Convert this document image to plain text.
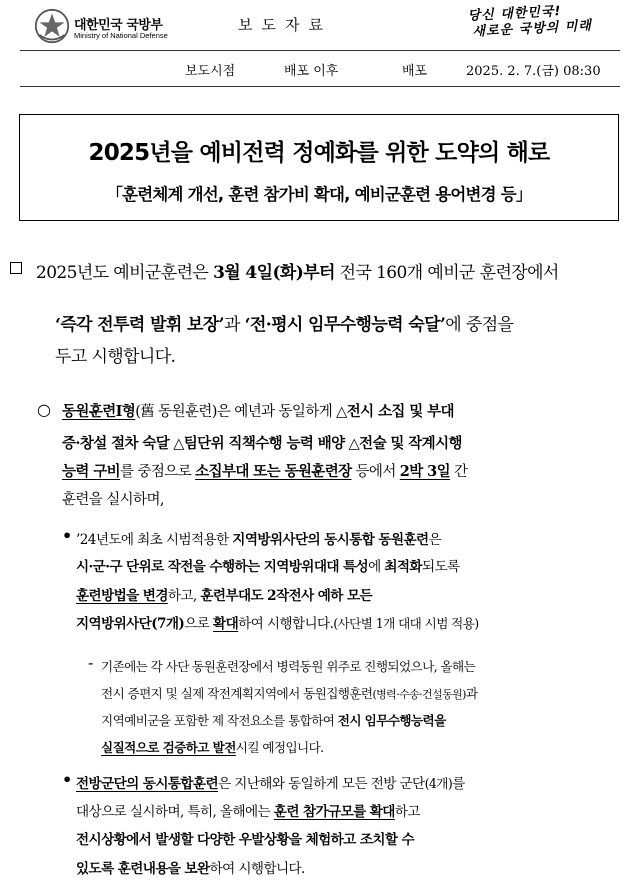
대한민국 국방부
Ministry of National Defense
보도자료
당신 대한민국!
새로운 국방의 미래
보도시점	배포 이후	배포	2025. 2. 7.(금) 08:30
2025년을 예비전력 정예화를 위한 도약의 해로
「훈련체계 개선, 훈련 참가비 확대, 예비군훈련 용어변경 등」
2025년도 예비군훈련은 3월 4일(화)부터 전국 160개 예비군 훈련장에서
‘즉각 전투력 발휘 보장’과 ‘전·평시 임무수행능력 숙달’에 중점을
두고 시행합니다.
○ 동원훈련Ⅰ형(舊 동원훈련)은 예년과 동일하게 △전시 소집 및 부대
증·창설 절차 숙달 △팀단위 직책수행 능력 배양 △전술 및 작계시행
능력 구비를 중점으로 소집부대 또는 동원훈련장 등에서 2박 3일 간
훈련을 실시하며,
• ’24년도에 최초 시범적용한 지역방위사단의 동시통합 동원훈련은
시·군·구 단위로 작전을 수행하는 지역방위대대 특성에 최적화되도록
훈련방법을 변경하고, 훈련부대도 2작전사 예하 모든
지역방위사단(7개)으로 확대하여 시행합니다.(사단별 1개 대대 시범 적용)
- 기존에는 각 사단 동원훈련장에서 병력동원 위주로 진행되었으나, 올해는
전시 증편지 및 실제 작전계획지역에서 동원집행훈련(병력·수송·건설동원)과
지역예비군을 포함한 제 작전요소를 통합하여 전시 임무수행능력을
실질적으로 검증하고 발전시킬 예정입니다.
• 전방군단의 동시통합훈련은 지난해와 동일하게 모든 전방 군단(4개)를
대상으로 실시하며, 특히, 올해에는 훈련 참가규모를 확대하고
전시상황에서 발생할 다양한 우발상황을 체험하고 조치할 수
있도록 훈련내용을 보완하여 시행합니다.
